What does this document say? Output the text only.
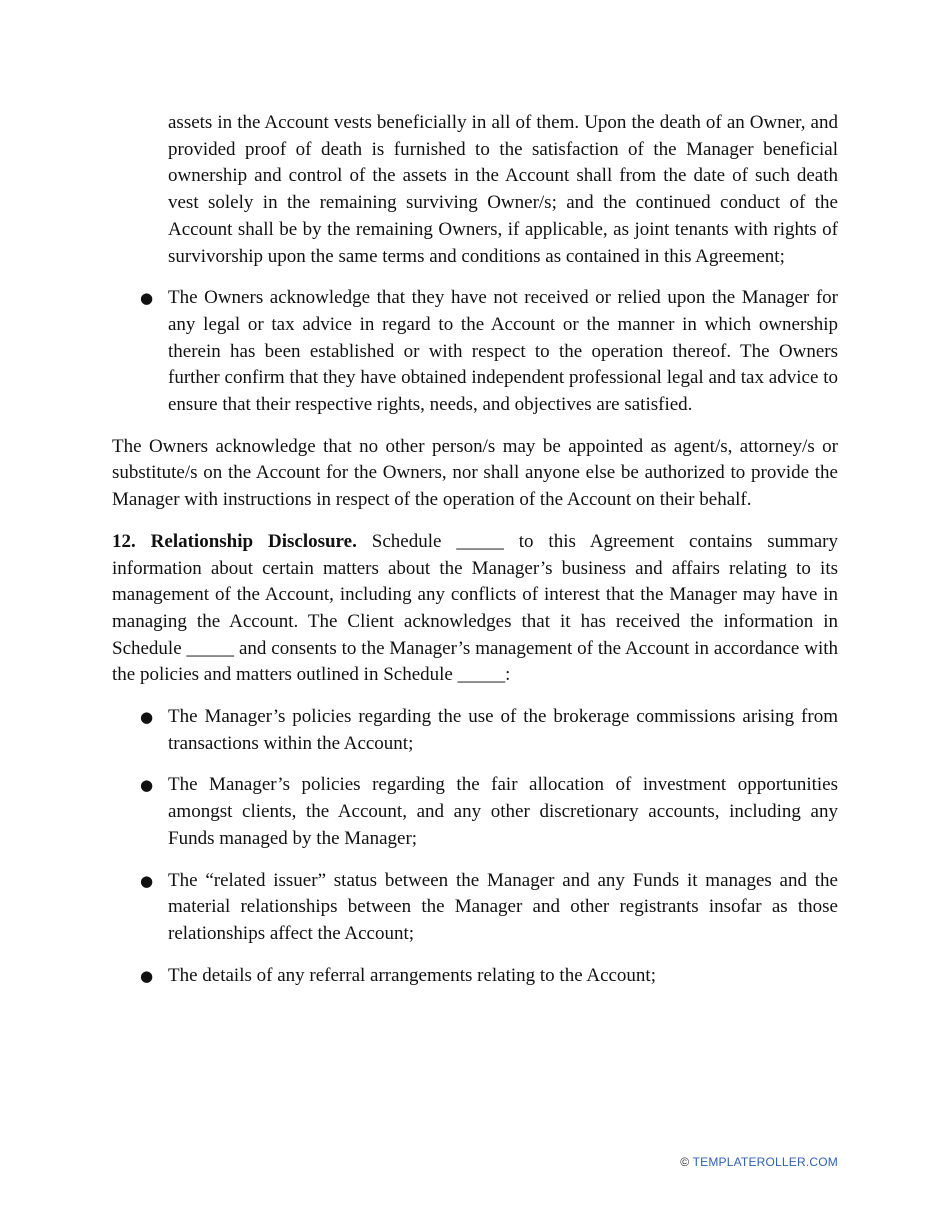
assets in the Account vests beneficially in all of them. Upon the death of an Owner, and provided proof of death is furnished to the satisfaction of the Manager beneficial ownership and control of the assets in the Account shall from the date of such death vest solely in the remaining surviving Owner/s; and the continued conduct of the Account shall be by the remaining Owners, if applicable, as joint tenants with rights of survivorship upon the same terms and conditions as contained in this Agreement;

● The Owners acknowledge that they have not received or relied upon the Manager for any legal or tax advice in regard to the Account or the manner in which ownership therein has been established or with respect to the operation thereof. The Owners further confirm that they have obtained independent professional legal and tax advice to ensure that their respective rights, needs, and objectives are satisfied.

The Owners acknowledge that no other person/s may be appointed as agent/s, attorney/s or substitute/s on the Account for the Owners, nor shall anyone else be authorized to provide the Manager with instructions in respect of the operation of the Account on their behalf.

12. Relationship Disclosure. Schedule _____ to this Agreement contains summary information about certain matters about the Manager’s business and affairs relating to its management of the Account, including any conflicts of interest that the Manager may have in managing the Account. The Client acknowledges that it has received the information in Schedule _____ and consents to the Manager’s management of the Account in accordance with the policies and matters outlined in Schedule _____:

● The Manager’s policies regarding the use of the brokerage commissions arising from transactions within the Account;
● The Manager’s policies regarding the fair allocation of investment opportunities amongst clients, the Account, and any other discretionary accounts, including any Funds managed by the Manager;
● The “related issuer” status between the Manager and any Funds it manages and the material relationships between the Manager and other registrants insofar as those relationships affect the Account;
● The details of any referral arrangements relating to the Account;
© TEMPLATEROLLER.COM
